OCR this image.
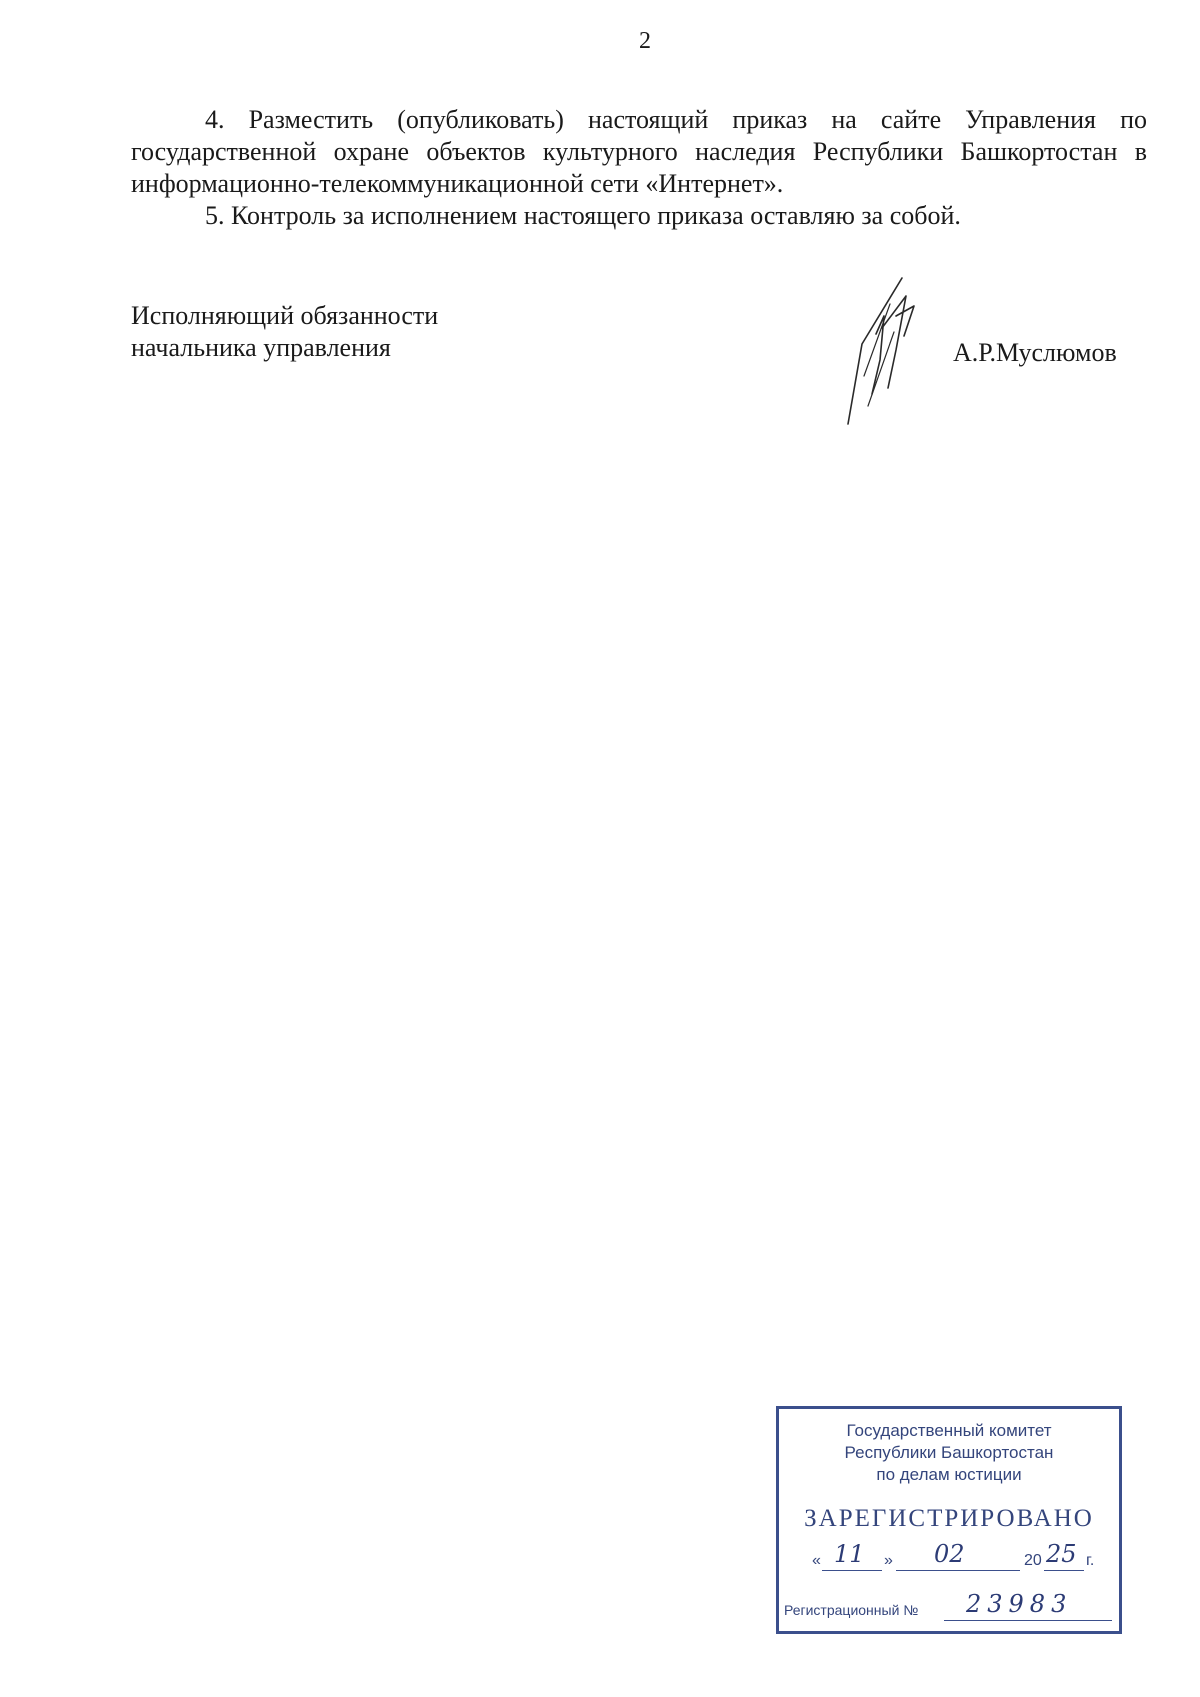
2

4. Разместить (опубликовать) настоящий приказ на сайте Управления по государственной охране объектов культурного наследия Республики Башкортостан в информационно-телекоммуникационной сети «Интернет».

5. Контроль за исполнением настоящего приказа оставляю за собой.

Исполняющий обязанности
начальника управления	А.Р.Муслюмов
Государственный комитет
Республики Башкортостан
по делам юстиции
ЗАРЕГИСТРИРОВАНО
« 11 » 02	20 25 г.
Регистрационный № 23983
